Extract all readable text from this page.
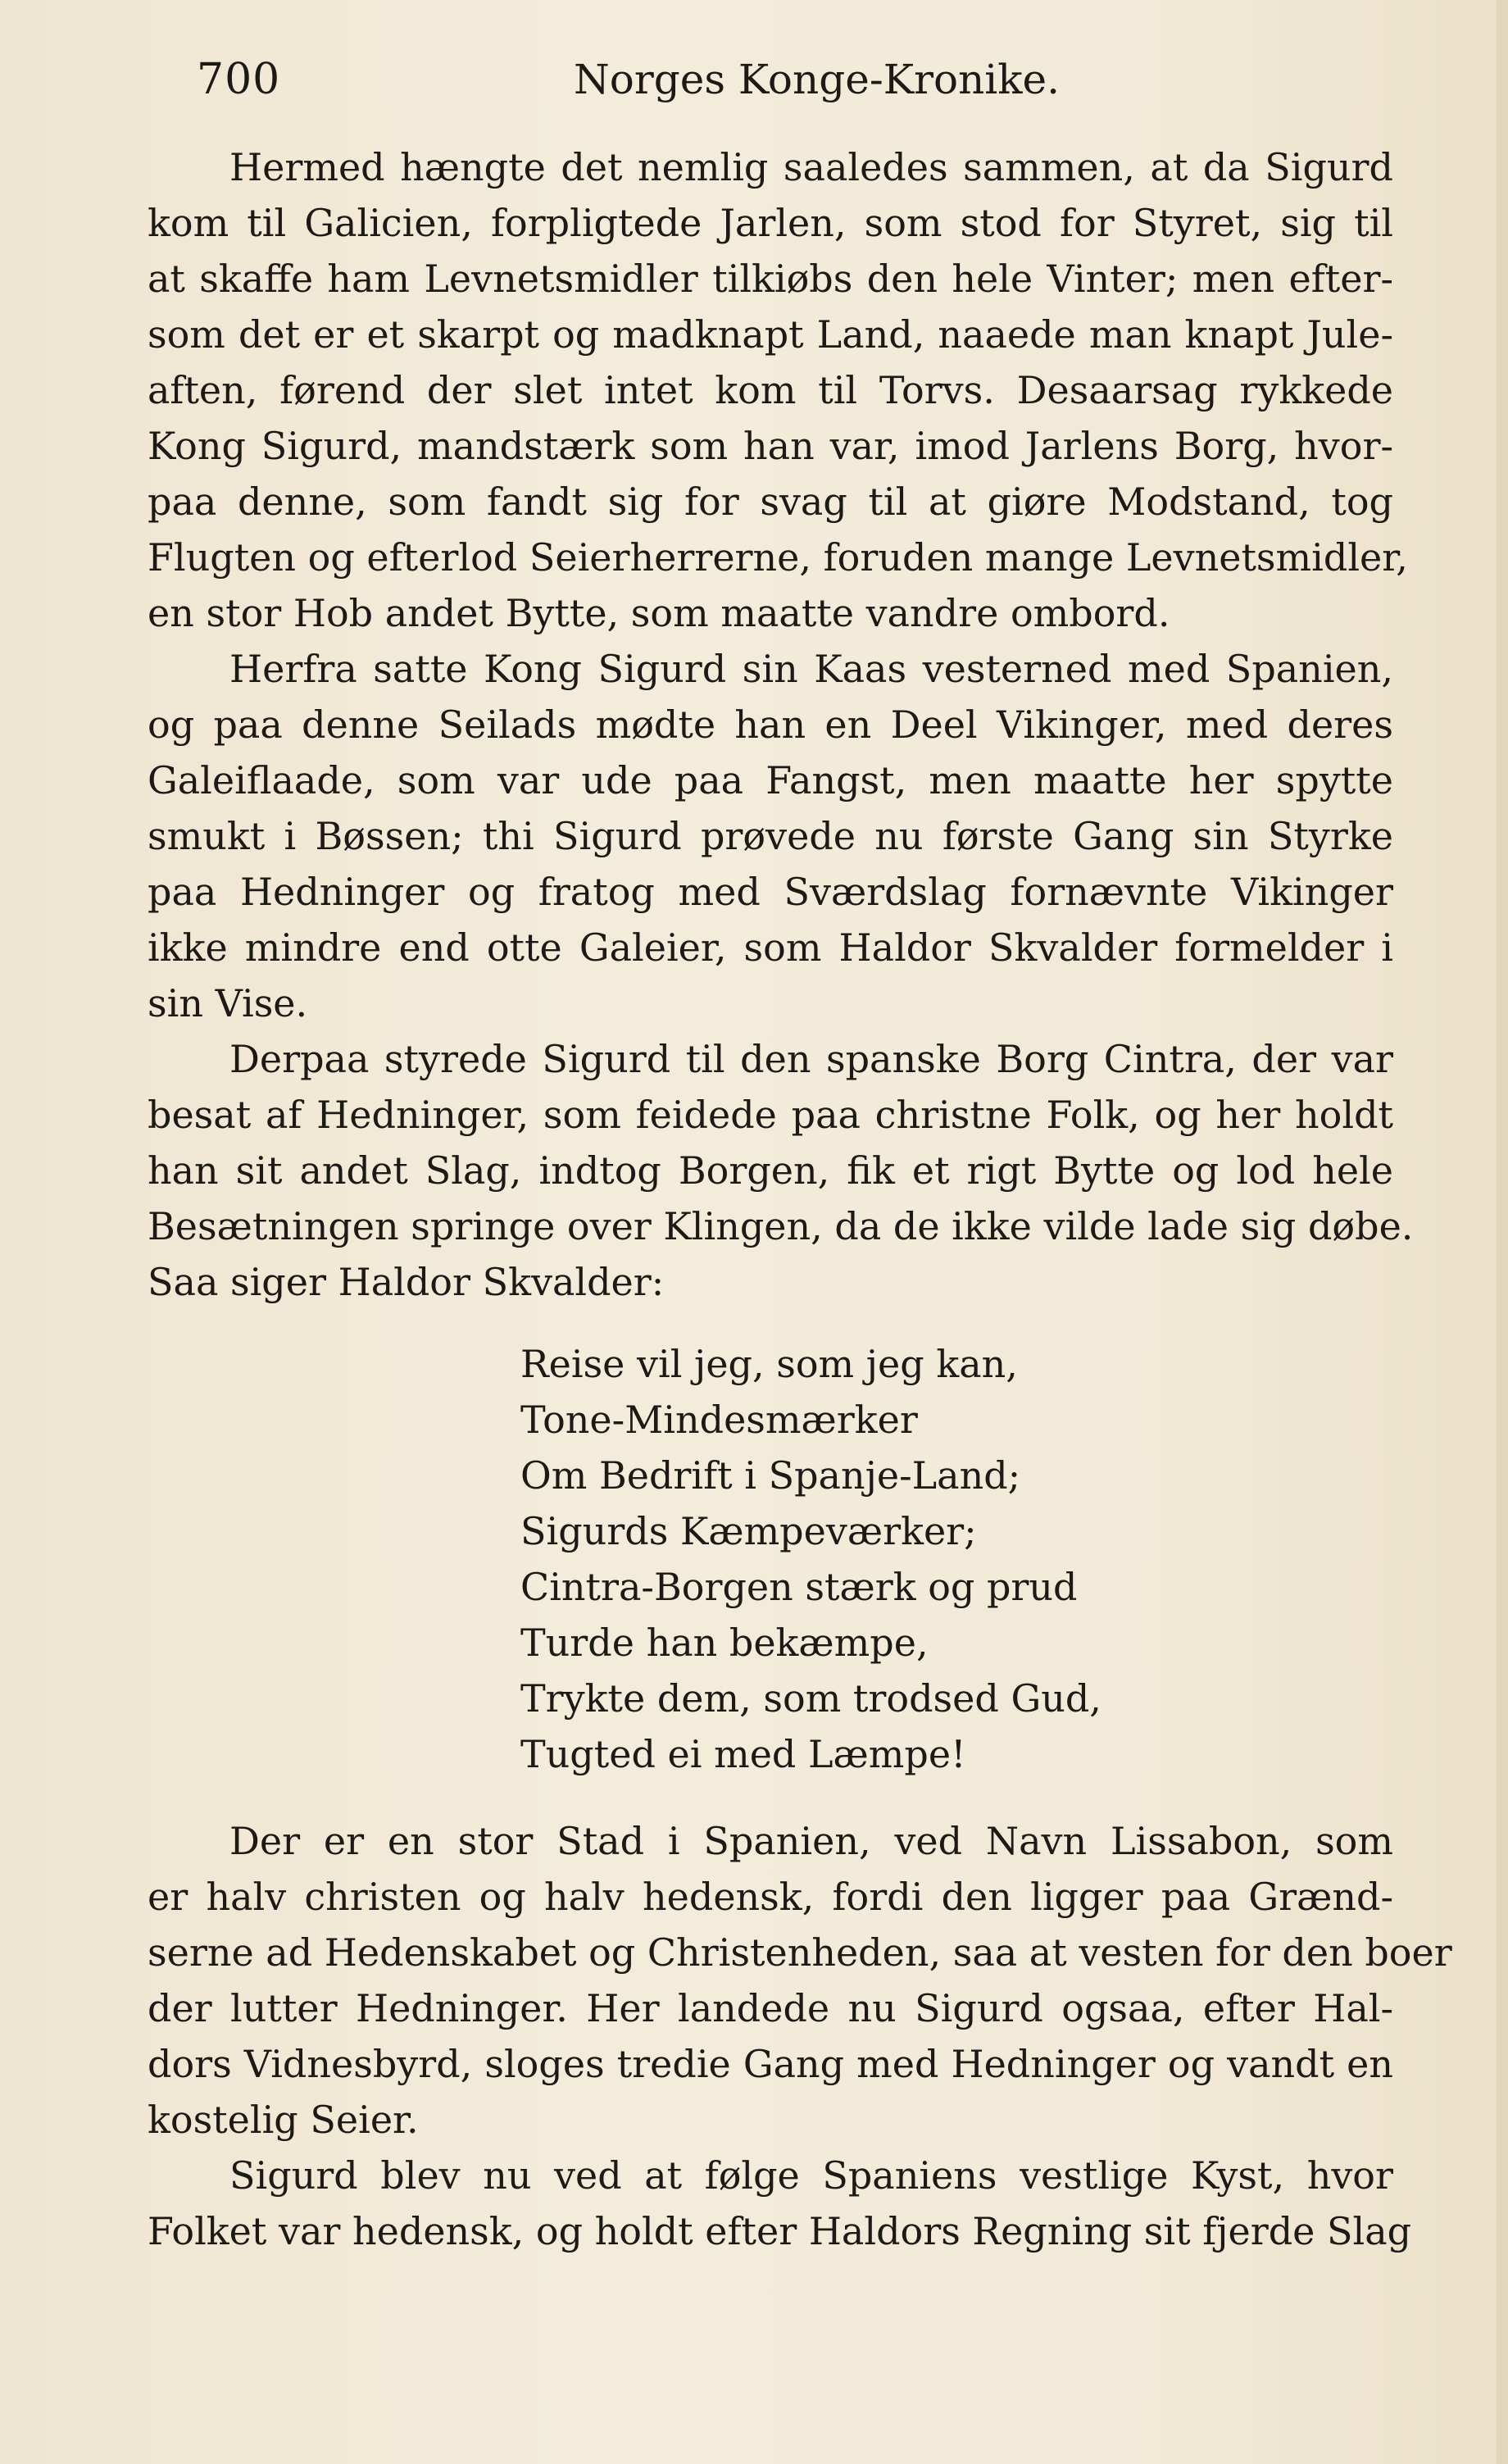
700	Norges Konge-Kronike.
Hermed hængte det nemlig saaledes sammen, at da Sigurd
kom til Galicien, forpligtede Jarlen, som stod for Styret, sig til
at skaffe ham Levnetsmidler tilkiøbs den hele Vinter; men efter-
som det er et skarpt og madknapt Land, naaede man knapt Jule-
aften, førend der slet intet kom til Torvs. Desaarsag rykkede
Kong Sigurd, mandstærk som han var, imod Jarlens Borg, hvor-
paa denne, som fandt sig for svag til at giøre Modstand, tog
Flugten og efterlod Seierherrerne, foruden mange Levnetsmidler,
en stor Hob andet Bytte, som maatte vandre ombord.
Herfra satte Kong Sigurd sin Kaas vesterned med Spanien,
og paa denne Seilads mødte han en Deel Vikinger, med deres
Galeiflaade, som var ude paa Fangst, men maatte her spytte
smukt i Bøssen; thi Sigurd prøvede nu første Gang sin Styrke
paa Hedninger og fratog med Sværdslag fornævnte Vikinger
ikke mindre end otte Galeier, som Haldor Skvalder formelder i
sin Vise.
Derpaa styrede Sigurd til den spanske Borg Cintra, der var
besat af Hedninger, som feidede paa christne Folk, og her holdt
han sit andet Slag, indtog Borgen, fik et rigt Bytte og lod hele
Besætningen springe over Klingen, da de ikke vilde lade sig døbe.
Saa siger Haldor Skvalder:
Reise vil jeg, som jeg kan,
Tone-Mindesmærker
Om Bedrift i Spanje-Land;
Sigurds Kæmpeværker;
Cintra-Borgen stærk og prud
Turde han bekæmpe,
Trykte dem, som trodsed Gud,
Tugted ei med Læmpe!
Der er en stor Stad i Spanien, ved Navn Lissabon, som
er halv christen og halv hedensk, fordi den ligger paa Grænd-
serne ad Hedenskabet og Christenheden, saa at vesten for den boer
der lutter Hedninger. Her landede nu Sigurd ogsaa, efter Hal-
dors Vidnesbyrd, sloges tredie Gang med Hedninger og vandt en
kostelig Seier.
Sigurd blev nu ved at følge Spaniens vestlige Kyst, hvor
Folket var hedensk, og holdt efter Haldors Regning sit fjerde Slag
